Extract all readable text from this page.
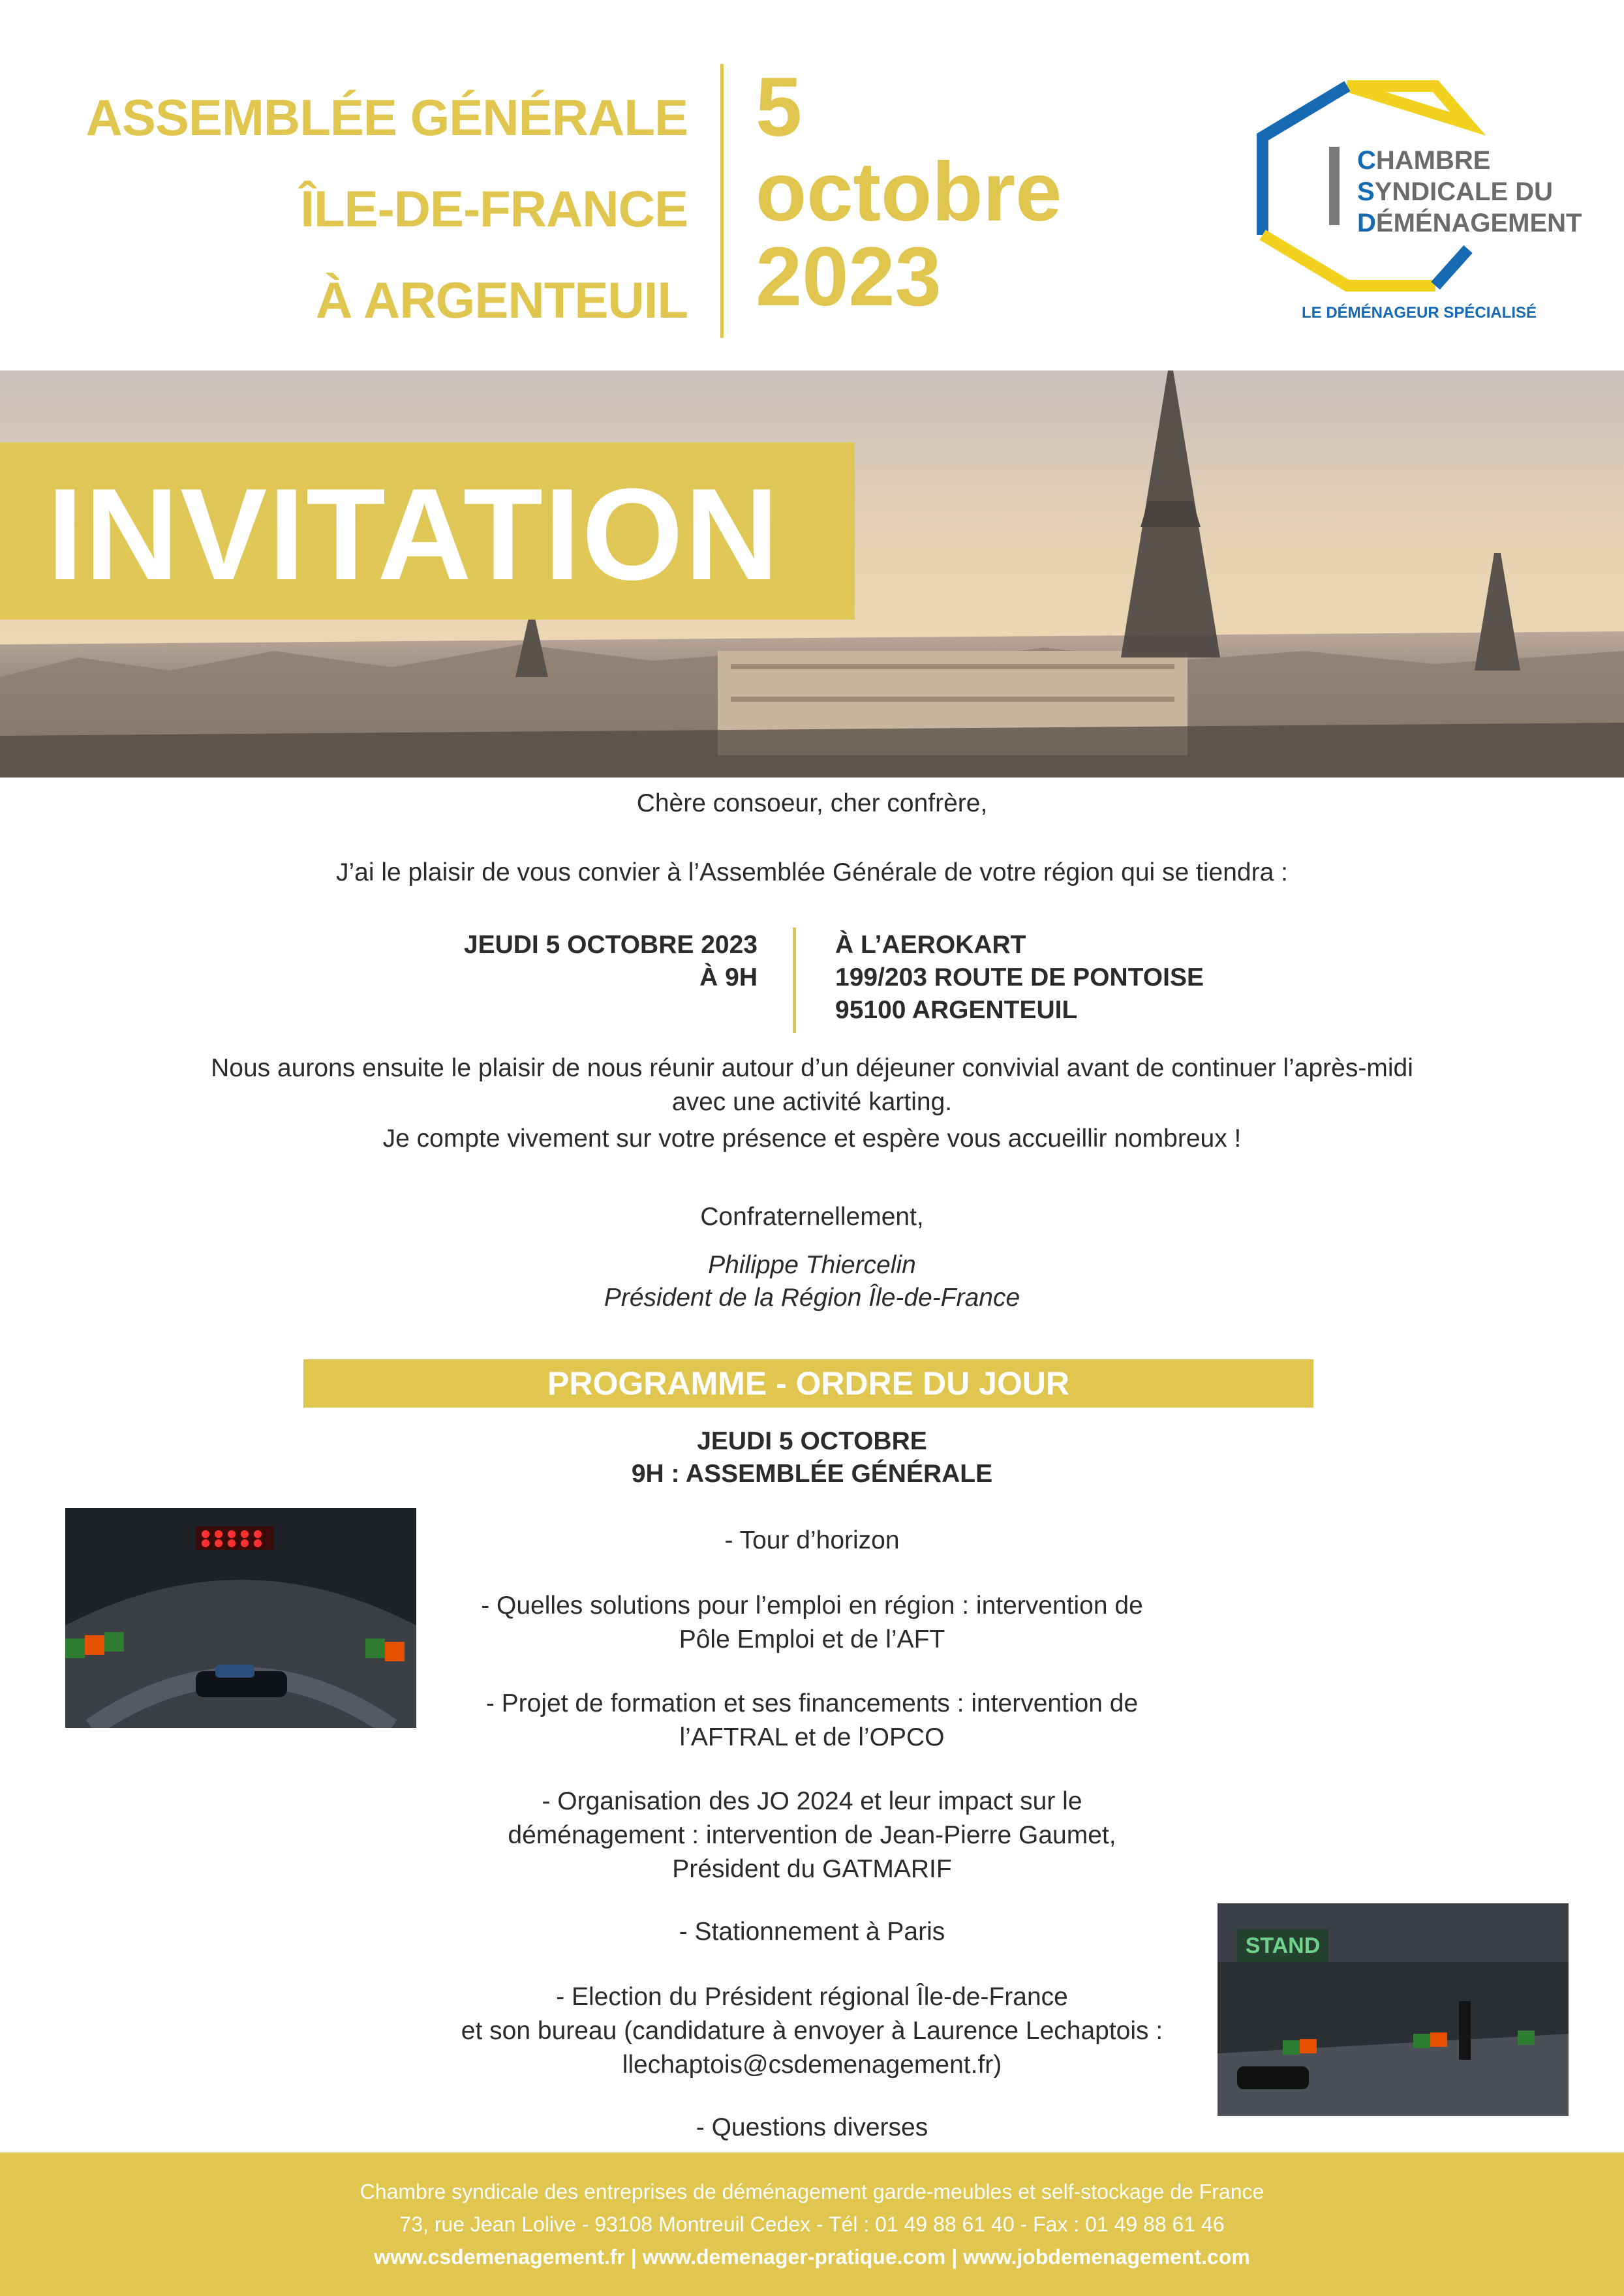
ASSEMBLÉE GÉNÉRALE
ÎLE-DE-FRANCE
À ARGENTEUIL
5
octobre
2023
CHAMBRE
SYNDICALE DU
DÉMÉNAGEMENT
LE DÉMÉNAGEUR SPÉCIALISÉ
INVITATION
Chère consoeur, cher confrère,
J’ai le plaisir de vous convier à l’Assemblée Générale de votre région qui se tiendra :
JEUDI 5 OCTOBRE 2023
À 9H
À L’AEROKART
199/203 ROUTE DE PONTOISE
95100 ARGENTEUIL
Nous aurons ensuite le plaisir de nous réunir autour d’un déjeuner convivial avant de continuer l’après-midi
avec une activité karting.
Je compte vivement sur votre présence et espère vous accueillir nombreux !
Confraternellement,
Philippe Thiercelin
Président de la Région Île-de-France
PROGRAMME - ORDRE DU JOUR
JEUDI 5 OCTOBRE
9H : ASSEMBLÉE GÉNÉRALE
- Tour d’horizon
- Quelles solutions pour l’emploi en région : intervention de
Pôle Emploi et de l’AFT
- Projet de formation et ses financements : intervention de
l’AFTRAL et de l’OPCO
- Organisation des JO 2024 et leur impact sur le
déménagement : intervention de Jean-Pierre Gaumet,
Président du GATMARIF
- Stationnement à Paris
- Election du Président régional Île-de-France
et son bureau (candidature à envoyer à Laurence Lechaptois :
llechaptois@csdemenagement.fr)
- Questions diverses
STAND
Chambre syndicale des entreprises de déménagement garde-meubles et self-stockage de France
73, rue Jean Lolive - 93108 Montreuil Cedex - Tél : 01 49 88 61 40 - Fax : 01 49 88 61 46
www.csdemenagement.fr | www.demenager-pratique.com | www.jobdemenagement.com
